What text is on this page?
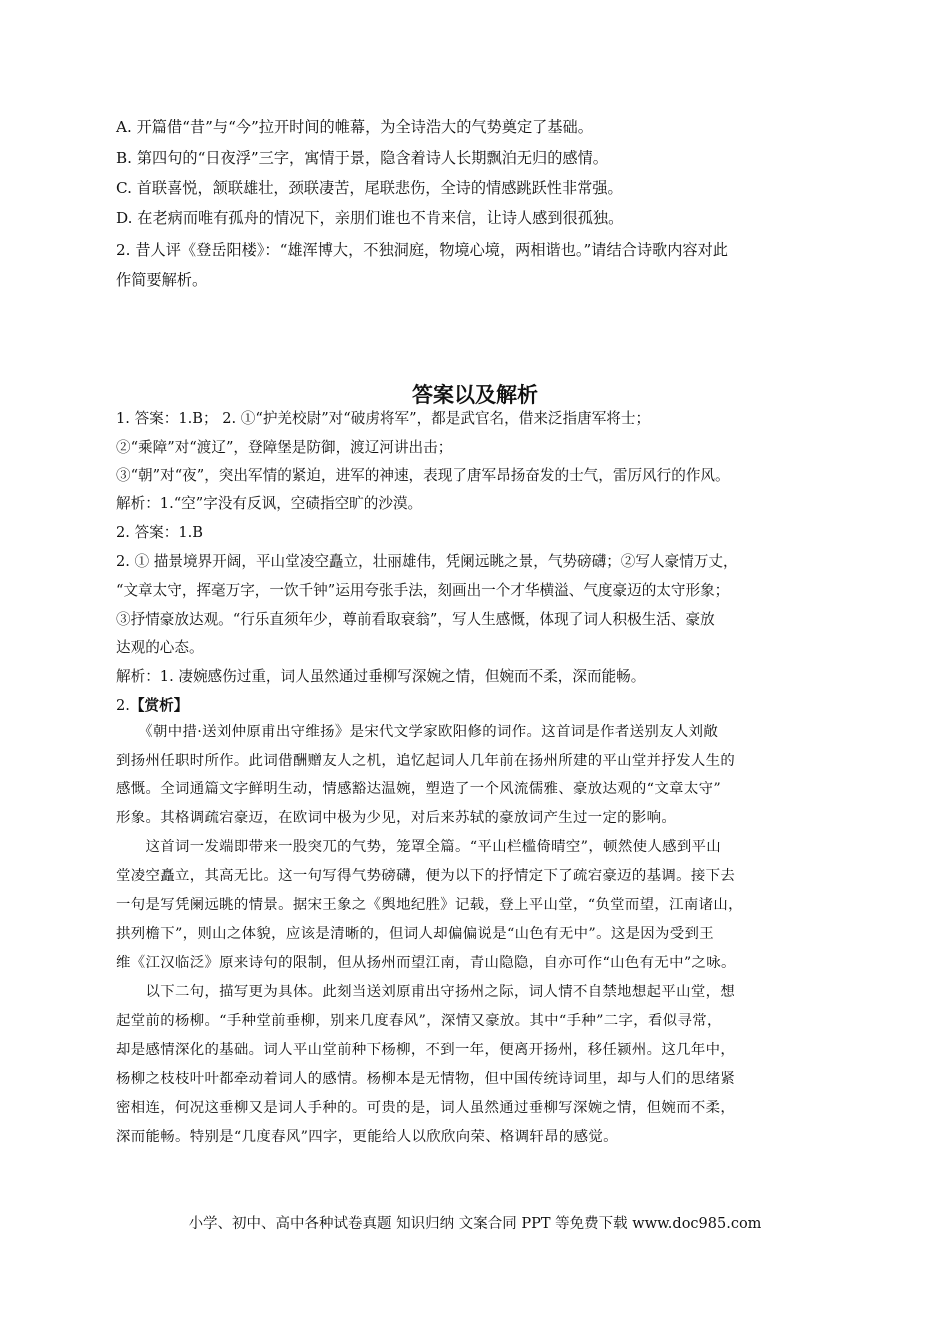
A. 开篇借“昔”与“今”拉开时间的帷幕，为全诗浩大的气势奠定了基础。
B. 第四句的“日夜浮”三字，寓情于景，隐含着诗人长期飘泊无归的感情。
C. 首联喜悦，颔联雄壮，颈联凄苦，尾联悲伤，全诗的情感跳跃性非常强。
D. 在老病而唯有孤舟的情况下，亲朋们谁也不肯来信，让诗人感到很孤独。
2. 昔人评《登岳阳楼》：“雄浑博大，不独洞庭，物境心境，两相谐也。”请结合诗歌内容对此
作简要解析。
答案以及解析
1. 答案：1.B； 2. ①“护羌校尉”对“破虏将军”，都是武官名，借来泛指唐军将士；
②“乘障”对“渡辽”，登障堡是防御，渡辽河讲出击；
③“朝”对“夜”，突出军情的紧迫，进军的神速，表现了唐军昂扬奋发的士气，雷厉风行的作风。
解析：1.“空”字没有反讽，空碛指空旷的沙漠。
2. 答案：1.B
2. ① 描景境界开阔，平山堂凌空矗立，壮丽雄伟，凭阑远眺之景，气势磅礴；②写人豪情万丈，
“文章太守，挥毫万字，一饮千钟”运用夸张手法，刻画出一个才华横溢、气度豪迈的太守形象；
③抒情豪放达观。“行乐直须年少，尊前看取衰翁”，写人生感慨，体现了词人积极生活、豪放
达观的心态。
解析：1. 凄婉感伤过重，词人虽然通过垂柳写深婉之情，但婉而不柔，深而能畅。
2.【赏析】
　　《朝中措·送刘仲原甫出守维扬》是宋代文学家欧阳修的词作。这首词是作者送别友人刘敞
到扬州任职时所作。此词借酬赠友人之机，追忆起词人几年前在扬州所建的平山堂并抒发人生的
感慨。全词通篇文字鲜明生动，情感豁达温婉，塑造了一个风流儒雅、豪放达观的“文章太守”
形象。其格调疏宕豪迈，在欧词中极为少见，对后来苏轼的豪放词产生过一定的影响。
　　这首词一发端即带来一股突兀的气势，笼罩全篇。“平山栏槛倚晴空”，顿然使人感到平山
堂凌空矗立，其高无比。这一句写得气势磅礴，便为以下的抒情定下了疏宕豪迈的基调。接下去
一句是写凭阑远眺的情景。据宋王象之《舆地纪胜》记载，登上平山堂，“负堂而望，江南诸山，
拱列檐下”，则山之体貌，应该是清晰的，但词人却偏偏说是“山色有无中”。这是因为受到王
维《江汉临泛》原来诗句的限制，但从扬州而望江南，青山隐隐，自亦可作“山色有无中”之咏。
　　以下二句，描写更为具体。此刻当送刘原甫出守扬州之际，词人情不自禁地想起平山堂，想
起堂前的杨柳。“手种堂前垂柳，别来几度春风”，深情又豪放。其中“手种”二字，看似寻常，
却是感情深化的基础。词人平山堂前种下杨柳，不到一年，便离开扬州，移任颍州。这几年中，
杨柳之枝枝叶叶都牵动着词人的感情。杨柳本是无情物，但中国传统诗词里，却与人们的思绪紧
密相连，何况这垂柳又是词人手种的。可贵的是，词人虽然通过垂柳写深婉之情，但婉而不柔，
深而能畅。特别是“几度春风”四字，更能给人以欣欣向荣、格调轩昂的感觉。
小学、初中、高中各种试卷真题 知识归纳 文案合同 PPT 等免费下载 www.doc985.com
